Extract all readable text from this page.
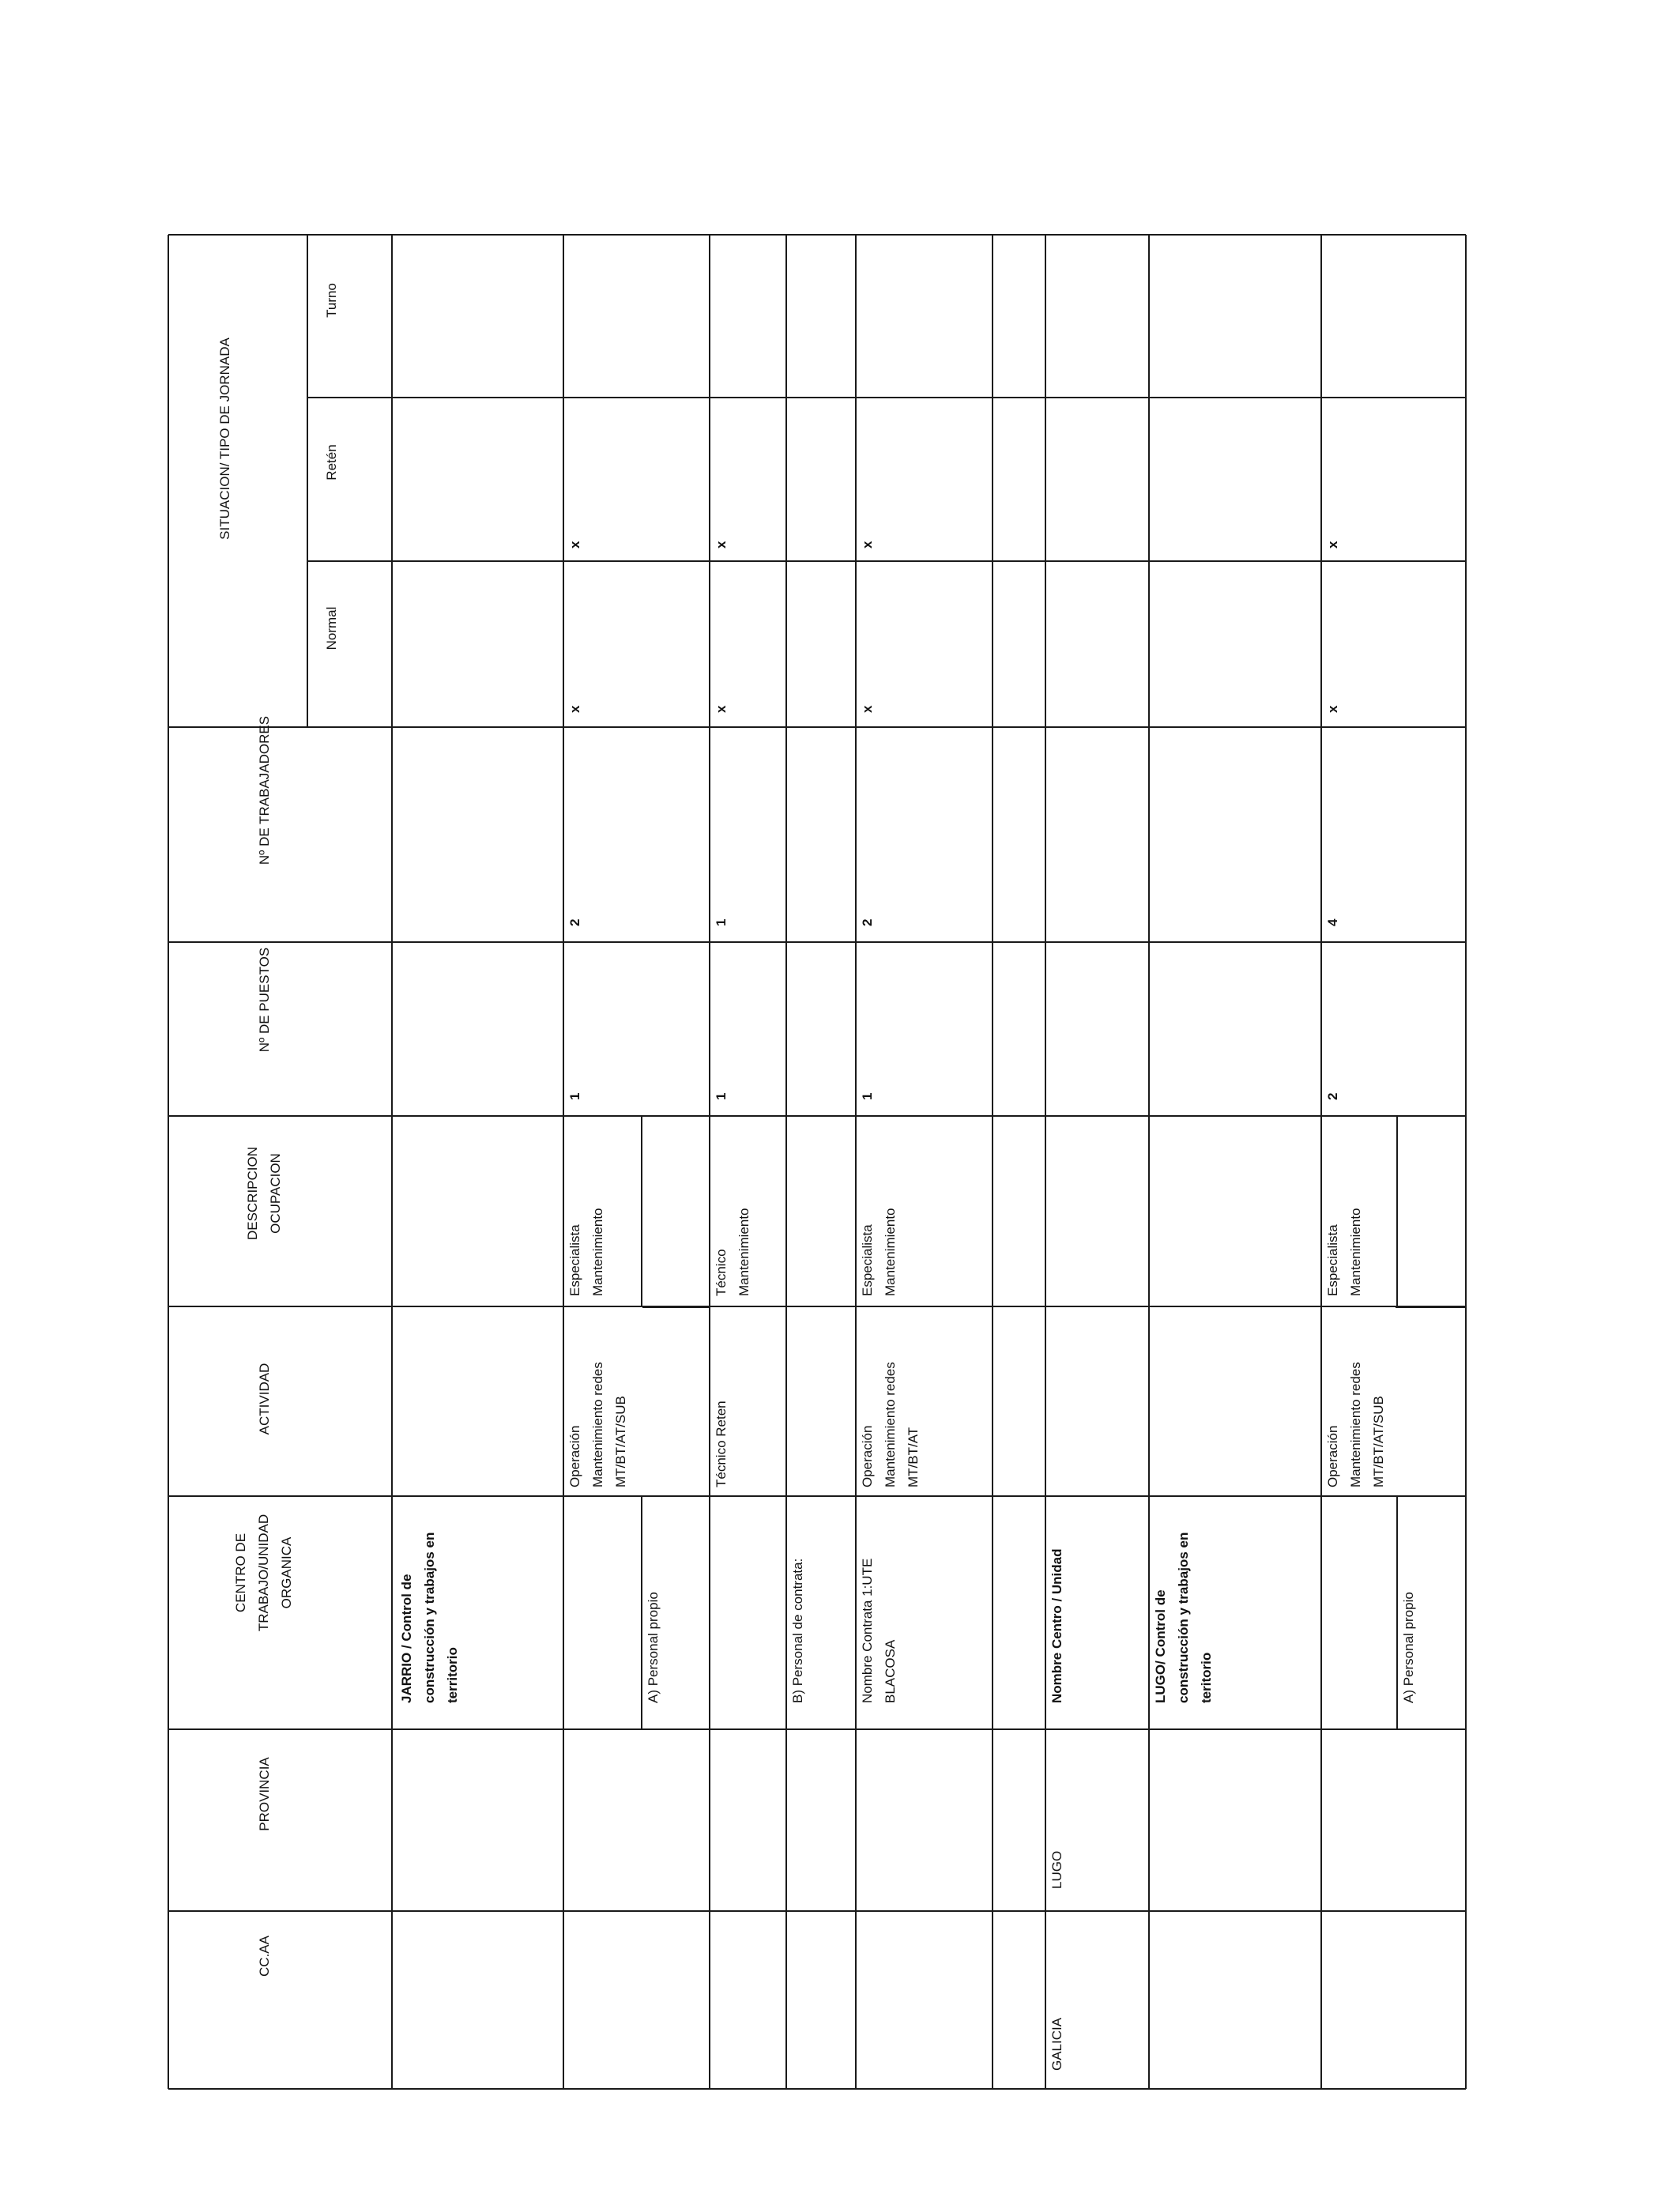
CC.AA
PROVINCIA
CENTRO DE TRABAJO/UNIDAD ORGANICA
ACTIVIDAD
DESCRIPCION OCUPACION
Nº DE PUESTOS
Nº DE TRABAJADORES
SITUACION/ TIPO DE JORNADA
Normal
Retén
Turno
JARRIO / Control de construcción y trabajos en territorio
Operación Mantenimiento redes MT/BT/AT/SUB
Especialista Mantenimiento
1
2
x
x
A) Personal propio
Técnico Reten
Técnico Mantenimiento
1
1
x
x
B) Personal de contrata:	Nombre Contrata 1:UTE BLACOSA
Operación Mantenimiento redes MT/BT/AT
Especialista Mantenimiento
1
2
x
x
GALICIA
LUGO
Nombre Centro / Unidad	LUGO/ Control de construcción y trabajos en teritorio
Operación Mantenimiento redes MT/BT/AT/SUB
Especialista Mantenimiento
2
4
x
x
A) Personal propio
